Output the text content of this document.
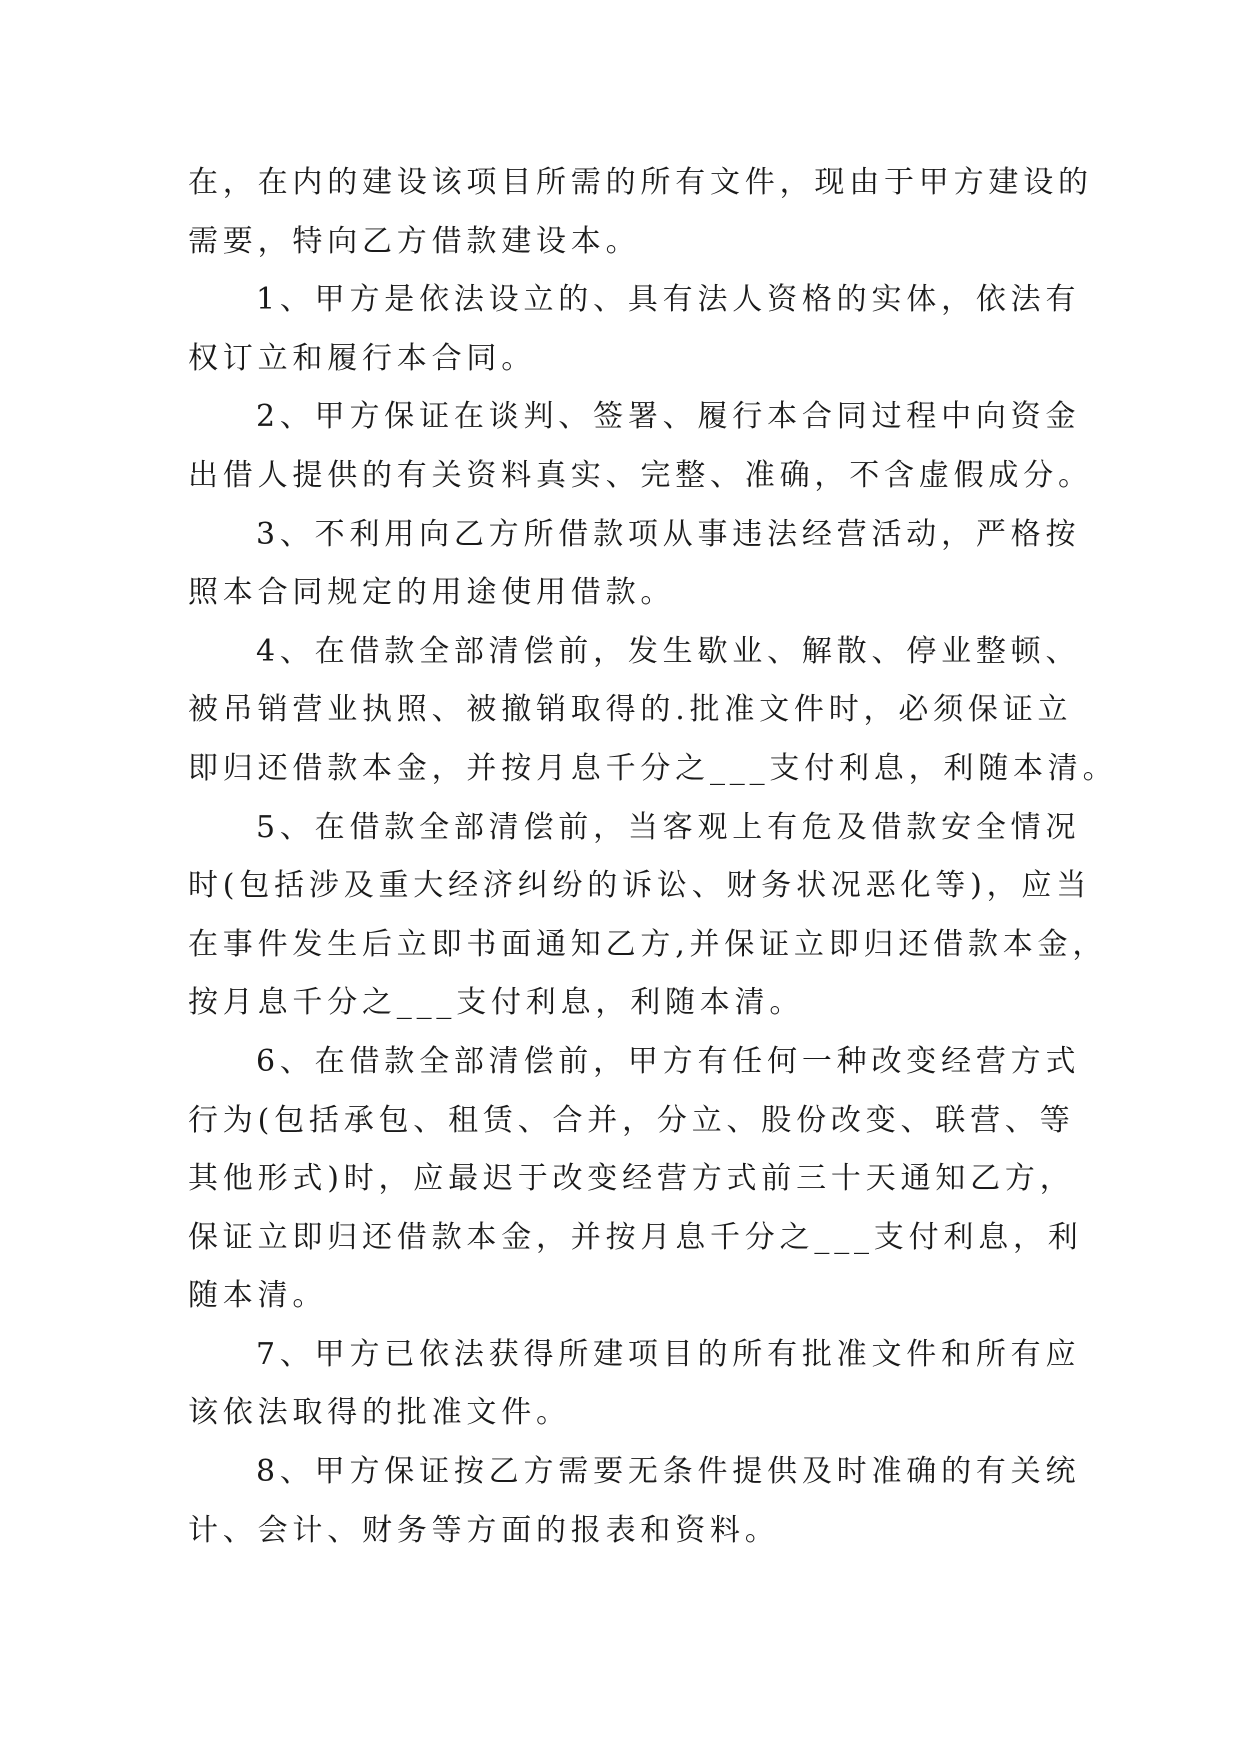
在，在内的建设该项目所需的所有文件，现由于甲方建设的
需要，特向乙方借款建设本。

1、甲方是依法设立的、具有法人资格的实体，依法有
权订立和履行本合同。

2、甲方保证在谈判、签署、履行本合同过程中向资金
出借人提供的有关资料真实、完整、准确，不含虚假成分。

3、不利用向乙方所借款项从事违法经营活动，严格按
照本合同规定的用途使用借款。

4、在借款全部清偿前，发生歇业、解散、停业整顿、
被吊销营业执照、被撤销取得的.批准文件时，必须保证立
即归还借款本金，并按月息千分之___支付利息，利随本清。

5、在借款全部清偿前，当客观上有危及借款安全情况
时(包括涉及重大经济纠纷的诉讼、财务状况恶化等)，应当
在事件发生后立即书面通知乙方,并保证立即归还借款本金，
按月息千分之___支付利息，利随本清。

6、在借款全部清偿前，甲方有任何一种改变经营方式
行为(包括承包、租赁、合并，分立、股份改变、联营、等
其他形式)时，应最迟于改变经营方式前三十天通知乙方，
保证立即归还借款本金，并按月息千分之___支付利息，利
随本清。

7、甲方已依法获得所建项目的所有批准文件和所有应
该依法取得的批准文件。

8、甲方保证按乙方需要无条件提供及时准确的有关统
计、会计、财务等方面的报表和资料。
